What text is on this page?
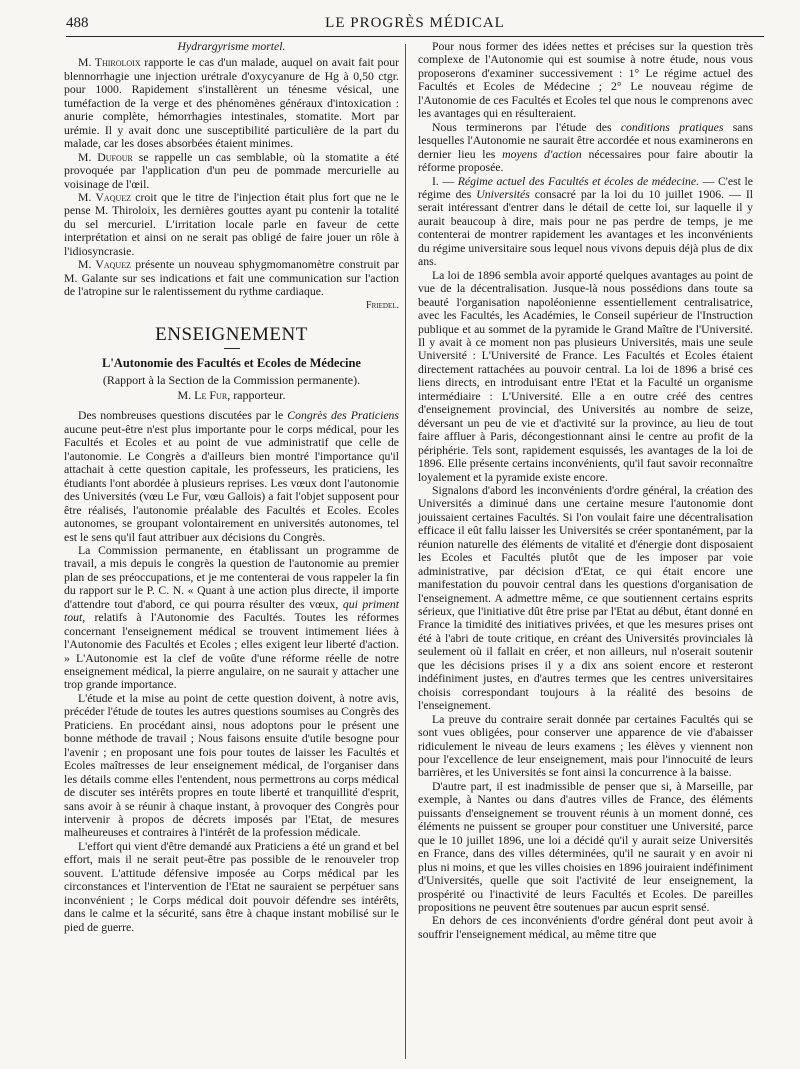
488	LE PROGRÈS MÉDICAL

Hydrargyrisme mortel.

M. Thiroloix rapporte le cas d'un malade, auquel on avait fait pour blennorrhagie une injection urétrale d'oxycyanure de Hg à 0,50 ctgr. pour 1000. Rapidement s'installèrent un ténesme vésical, une tuméfaction de la verge et des phénomènes généraux d'intoxication : anurie complète, hémorrhagies intestinales, stomatite. Mort par urémie. Il y avait donc une susceptibilité particulière de la part du malade, car les doses absorbées étaient minimes.

M. Dufour se rappelle un cas semblable, où la stomatite a été provoquée par l'application d'un peu de pommade mercurielle au voisinage de l'œil.

M. Vaquez croit que le titre de l'injection était plus fort que ne le pense M. Thiroloix, les dernières gouttes ayant pu contenir la totalité du sel mercuriel. L'irritation locale parle en faveur de cette interprétation et ainsi on ne serait pas obligé de faire jouer un rôle à l'idiosyncrasie.

M. Vaquez présente un nouveau sphygmomanomètre construit par M. Galante sur ses indications et fait une communication sur l'action de l'atropine sur le ralentissement du rythme cardiaque.

Friedel.
ENSEIGNEMENT
L'Autonomie des Facultés et Ecoles de Médecine
(Rapport à la Section de la Commission permanente).
M. Le Fur, rapporteur.

Des nombreuses questions discutées par le Congrès des Praticiens aucune peut-être n'est plus importante pour le corps médical, pour les Facultés et Ecoles et au point de vue administratif que celle de l'autonomie. Le Congrès a d'ailleurs bien montré l'importance qu'il attachait à cette question capitale, les professeurs, les praticiens, les étudiants l'ont abordée à plusieurs reprises. Les vœux dont l'autonomie des Universités (vœu Le Fur, vœu Gallois) a fait l'objet supposent pour être réalisés, l'autonomie préalable des Facultés et Ecoles. Ecoles autonomes, se groupant volontairement en universités autonomes, tel est le sens qu'il faut attribuer aux décisions du Congrès.

La Commission permanente, en établissant un programme de travail, a mis depuis le congrès la question de l'autonomie au premier plan de ses préoccupations, et je me contenterai de vous rappeler la fin du rapport sur le P. C. N. « Quant à une action plus directe, il importe d'attendre tout d'abord, ce qui pourra résulter des vœux, qui priment tout, relatifs à l'Autonomie des Facultés. Toutes les réformes concernant l'enseignement médical se trouvent intimement liées à l'Autonomie des Facultés et Ecoles ; elles exigent leur liberté d'action. » L'Autonomie est la clef de voûte d'une réforme réelle de notre enseignement médical, la pierre angulaire, on ne saurait y attacher une trop grande importance.

L'étude et la mise au point de cette question doivent, à notre avis, précéder l'étude de toutes les autres questions soumises au Congrès des Praticiens. En procédant ainsi, nous adoptons pour le présent une bonne méthode de travail ; Nous faisons ensuite d'utile besogne pour l'avenir ; en proposant une fois pour toutes de laisser les Facultés et Ecoles maîtresses de leur enseignement médical, de l'organiser dans les détails comme elles l'entendent, nous permettrons au corps médical de discuter ses intérêts propres en toute liberté et tranquillité d'esprit, sans avoir à se réunir à chaque instant, à provoquer des Congrès pour intervenir à propos de décrets imposés par l'Etat, de mesures malheureuses et contraires à l'intérêt de la profession médicale.

L'effort qui vient d'être demandé aux Praticiens a été un grand et bel effort, mais il ne serait peut-être pas possible de le renouveler trop souvent. L'attitude défensive imposée au Corps médical par les circonstances et l'intervention de l'Etat ne sauraient se perpétuer sans inconvénient ; le Corps médical doit pouvoir défendre ses intérêts, dans le calme et la sécurité, sans être à chaque instant mobilisé sur le pied de guerre.

Pour nous former des idées nettes et précises sur la question très complexe de l'Autonomie qui est soumise à notre étude, nous vous proposerons d'examiner successivement : 1° Le régime actuel des Facultés et Ecoles de Médecine ; 2° Le nouveau régime de l'Autonomie de ces Facultés et Ecoles tel que nous le comprenons avec les avantages qui en résulteraient.

Nous terminerons par l'étude des conditions pratiques sans lesquelles l'Autonomie ne saurait être accordée et nous examinerons en dernier lieu les moyens d'action nécessaires pour faire aboutir la réforme proposée.

I. — Régime actuel des Facultés et écoles de médecine. — C'est le régime des Universités consacré par la loi du 10 juillet 1906. — Il serait intéressant d'entrer dans le détail de cette loi, sur laquelle il y aurait beaucoup à dire, mais pour ne pas perdre de temps, je me contenterai de montrer rapidement les avantages et les inconvénients du régime universitaire sous lequel nous vivons depuis déjà plus de dix ans.

La loi de 1896 sembla avoir apporté quelques avantages au point de vue de la décentralisation. Jusque-là nous possédions dans toute sa beauté l'organisation napoléonienne essentiellement centralisatrice, avec les Facultés, les Académies, le Conseil supérieur de l'Instruction publique et au sommet de la pyramide le Grand Maître de l'Université. Il y avait à ce moment non pas plusieurs Universités, mais une seule Université : L'Université de France. Les Facultés et Ecoles étaient directement rattachées au pouvoir central. La loi de 1896 a brisé ces liens directs, en introduisant entre l'Etat et la Faculté un organisme intermédiaire : L'Université. Elle a en outre créé des centres d'enseignement provincial, des Universités au nombre de seize, déversant un peu de vie et d'activité sur la province, au lieu de tout faire affluer à Paris, décongestionnant ainsi le centre au profit de la périphérie. Tels sont, rapidement esquissés, les avantages de la loi de 1896. Elle présente certains inconvénients, qu'il faut savoir reconnaître loyalement et la pyramide existe encore.

Signalons d'abord les inconvénients d'ordre général, la création des Universités a diminué dans une certaine mesure l'autonomie dont jouissaient certaines Facultés. Si l'on voulait faire une décentralisation efficace il eût fallu laisser les Universités se créer spontanément, par la réunion naturelle des éléments de vitalité et d'énergie dont disposaient les Ecoles et Facultés plutôt que de les imposer par voie administrative, par décision d'Etat, ce qui était encore une manifestation du pouvoir central dans les questions d'organisation de l'enseignement. A admettre même, ce que soutiennent certains esprits sérieux, que l'initiative dût être prise par l'Etat au début, étant donné en France la timidité des initiatives privées, et que les mesures prises ont été à l'abri de toute critique, en créant des Universités provinciales là seulement où il fallait en créer, et non ailleurs, nul n'oserait soutenir que les décisions prises il y a dix ans soient encore et resteront indéfiniment justes, en d'autres termes que les centres universitaires choisis correspondant toujours à la réalité des besoins de l'enseignement.

La preuve du contraire serait donnée par certaines Facultés qui se sont vues obligées, pour conserver une apparence de vie d'abaisser ridiculement le niveau de leurs examens ; les élèves y viennent non pour l'excellence de leur enseignement, mais pour l'innocuité de leurs barrières, et les Universités se font ainsi la concurrence à la baisse.

D'autre part, il est inadmissible de penser que si, à Marseille, par exemple, à Nantes ou dans d'autres villes de France, des éléments puissants d'enseignement se trouvent réunis à un moment donné, ces éléments ne puissent se grouper pour constituer une Université, parce que le 10 juillet 1896, une loi a décidé qu'il y aurait seize Universités en France, dans des villes déterminées, qu'il ne saurait y en avoir ni plus ni moins, et que les villes choisies en 1896 jouiraient indéfiniment d'Universités, quelle que soit l'activité de leur enseignement, la prospérité ou l'inactivité de leurs Facultés et Ecoles. De pareilles propositions ne peuvent être soutenues par aucun esprit sensé.

En dehors de ces inconvénients d'ordre général dont peut avoir à souffrir l'enseignement médical, au même titre que
